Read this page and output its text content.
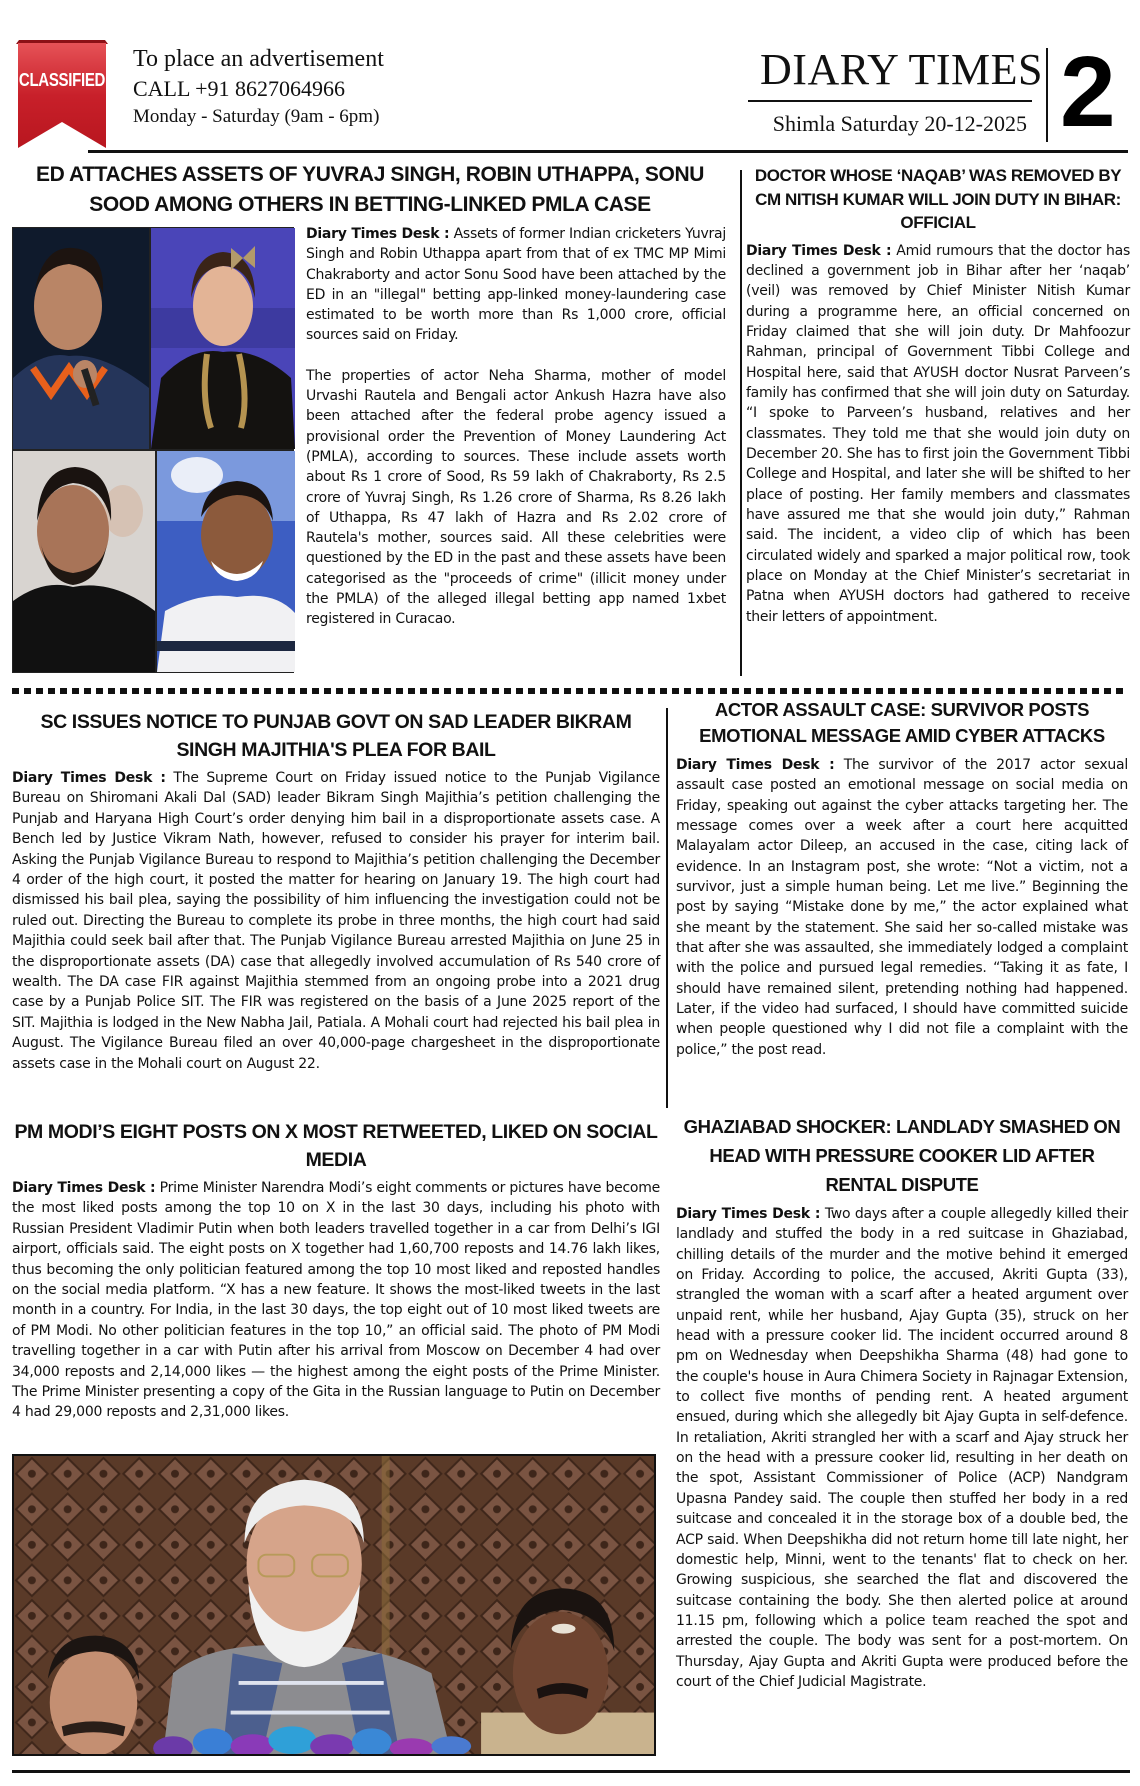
CLASSIFIED
To place an advertisement
CALL +91 8627064966
Monday - Saturday (9am - 6pm)
DIARY TIMES
Shimla Saturday 20-12-2025 2
ED ATTACHES ASSETS OF YUVRAJ SINGH, ROBIN UTHAPPA, SONU SOOD AMONG OTHERS IN BETTING-LINKED PMLA CASE

Diary Times Desk : Assets of former Indian cricketers Yuvraj Singh and Robin Uthappa apart from that of ex TMC MP Mimi Chakraborty and actor Sonu Sood have been attached by the ED in an "illegal" betting app-linked money-laundering case estimated to be worth more than Rs 1,000 crore, official sources said on Friday.

The properties of actor Neha Sharma, mother of model Urvashi Rautela and Bengali actor Ankush Hazra have also been attached after the federal probe agency issued a provisional order the Prevention of Money Laundering Act (PMLA), according to sources. These include assets worth about Rs 1 crore of Sood, Rs 59 lakh of Chakraborty, Rs 2.5 crore of Yuvraj Singh, Rs 1.26 crore of Sharma, Rs 8.26 lakh of Uthappa, Rs 47 lakh of Hazra and Rs 2.02 crore of Rautela's mother, sources said. All these celebrities were questioned by the ED in the past and these assets have been categorised as the "proceeds of crime" (illicit money under the PMLA) of the alleged illegal betting app named 1xbet registered in Curacao.

DOCTOR WHOSE ‘NAQAB’ WAS REMOVED BY CM NITISH KUMAR WILL JOIN DUTY IN BIHAR: OFFICIAL

Diary Times Desk : Amid rumours that the doctor has declined a government job in Bihar after her ‘naqab’ (veil) was removed by Chief Minister Nitish Kumar during a programme here, an official concerned on Friday claimed that she will join duty. Dr Mahfoozur Rahman, principal of Government Tibbi College and Hospital here, said that AYUSH doctor Nusrat Parveen’s family has confirmed that she will join duty on Saturday. “I spoke to Parveen’s husband, relatives and her classmates. They told me that she would join duty on December 20. She has to first join the Government Tibbi College and Hospital, and later she will be shifted to her place of posting. Her family members and classmates have assured me that she would join duty,” Rahman said. The incident, a video clip of which has been circulated widely and sparked a major political row, took place on Monday at the Chief Minister’s secretariat in Patna when AYUSH doctors had gathered to receive their letters of appointment.

SC ISSUES NOTICE TO PUNJAB GOVT ON SAD LEADER BIKRAM SINGH MAJITHIA'S PLEA FOR BAIL

Diary Times Desk : The Supreme Court on Friday issued notice to the Punjab Vigilance Bureau on Shiromani Akali Dal (SAD) leader Bikram Singh Majithia’s petition challenging the Punjab and Haryana High Court’s order denying him bail in a disproportionate assets case. A Bench led by Justice Vikram Nath, however, refused to consider his prayer for interim bail. Asking the Punjab Vigilance Bureau to respond to Majithia’s petition challenging the December 4 order of the high court, it posted the matter for hearing on January 19. The high court had dismissed his bail plea, saying the possibility of him influencing the investigation could not be ruled out. Directing the Bureau to complete its probe in three months, the high court had said Majithia could seek bail after that. The Punjab Vigilance Bureau arrested Majithia on June 25 in the disproportionate assets (DA) case that allegedly involved accumulation of Rs 540 crore of wealth. The DA case FIR against Majithia stemmed from an ongoing probe into a 2021 drug case by a Punjab Police SIT. The FIR was registered on the basis of a June 2025 report of the SIT. Majithia is lodged in the New Nabha Jail, Patiala. A Mohali court had rejected his bail plea in August. The Vigilance Bureau filed an over 40,000-page chargesheet in the disproportionate assets case in the Mohali court on August 22.

PM MODI’S EIGHT POSTS ON X MOST RETWEETED, LIKED ON SOCIAL MEDIA

Diary Times Desk : Prime Minister Narendra Modi’s eight comments or pictures have become the most liked posts among the top 10 on X in the last 30 days, including his photo with Russian President Vladimir Putin when both leaders travelled together in a car from Delhi’s IGI airport, officials said. The eight posts on X together had 1,60,700 reposts and 14.76 lakh likes, thus becoming the only politician featured among the top 10 most liked and reposted handles on the social media platform. “X has a new feature. It shows the most-liked tweets in the last month in a country. For India, in the last 30 days, the top eight out of 10 most liked tweets are of PM Modi. No other politician features in the top 10,” an official said. The photo of PM Modi travelling together in a car with Putin after his arrival from Moscow on December 4 had over 34,000 reposts and 2,14,000 likes — the highest among the eight posts of the Prime Minister. The Prime Minister presenting a copy of the Gita in the Russian language to Putin on December 4 had 29,000 reposts and 2,31,000 likes.

ACTOR ASSAULT CASE: SURVIVOR POSTS EMOTIONAL MESSAGE AMID CYBER ATTACKS

Diary Times Desk : The survivor of the 2017 actor sexual assault case posted an emotional message on social media on Friday, speaking out against the cyber attacks targeting her. The message comes over a week after a court here acquitted Malayalam actor Dileep, an accused in the case, citing lack of evidence. In an Instagram post, she wrote: “Not a victim, not a survivor, just a simple human being. Let me live.” Beginning the post by saying “Mistake done by me,” the actor explained what she meant by the statement. She said her so-called mistake was that after she was assaulted, she immediately lodged a complaint with the police and pursued legal remedies. “Taking it as fate, I should have remained silent, pretending nothing had happened. Later, if the video had surfaced, I should have committed suicide when people questioned why I did not file a complaint with the police,” the post read.

GHAZIABAD SHOCKER: LANDLADY SMASHED ON HEAD WITH PRESSURE COOKER LID AFTER RENTAL DISPUTE

Diary Times Desk : Two days after a couple allegedly killed their landlady and stuffed the body in a red suitcase in Ghaziabad, chilling details of the murder and the motive behind it emerged on Friday. According to police, the accused, Akriti Gupta (33), strangled the woman with a scarf after a heated argument over unpaid rent, while her husband, Ajay Gupta (35), struck on her head with a pressure cooker lid. The incident occurred around 8 pm on Wednesday when Deepshikha Sharma (48) had gone to the couple's house in Aura Chimera Society in Rajnagar Extension, to collect five months of pending rent. A heated argument ensued, during which she allegedly bit Ajay Gupta in self-defence. In retaliation, Akriti strangled her with a scarf and Ajay struck her on the head with a pressure cooker lid, resulting in her death on the spot, Assistant Commissioner of Police (ACP) Nandgram Upasna Pandey said. The couple then stuffed her body in a red suitcase and concealed it in the storage box of a double bed, the ACP said. When Deepshikha did not return home till late night, her domestic help, Minni, went to the tenants' flat to check on her. Growing suspicious, she searched the flat and discovered the suitcase containing the body. She then alerted police at around 11.15 pm, following which a police team reached the spot and arrested the couple. The body was sent for a post-mortem. On Thursday, Ajay Gupta and Akriti Gupta were produced before the court of the Chief Judicial Magistrate.
